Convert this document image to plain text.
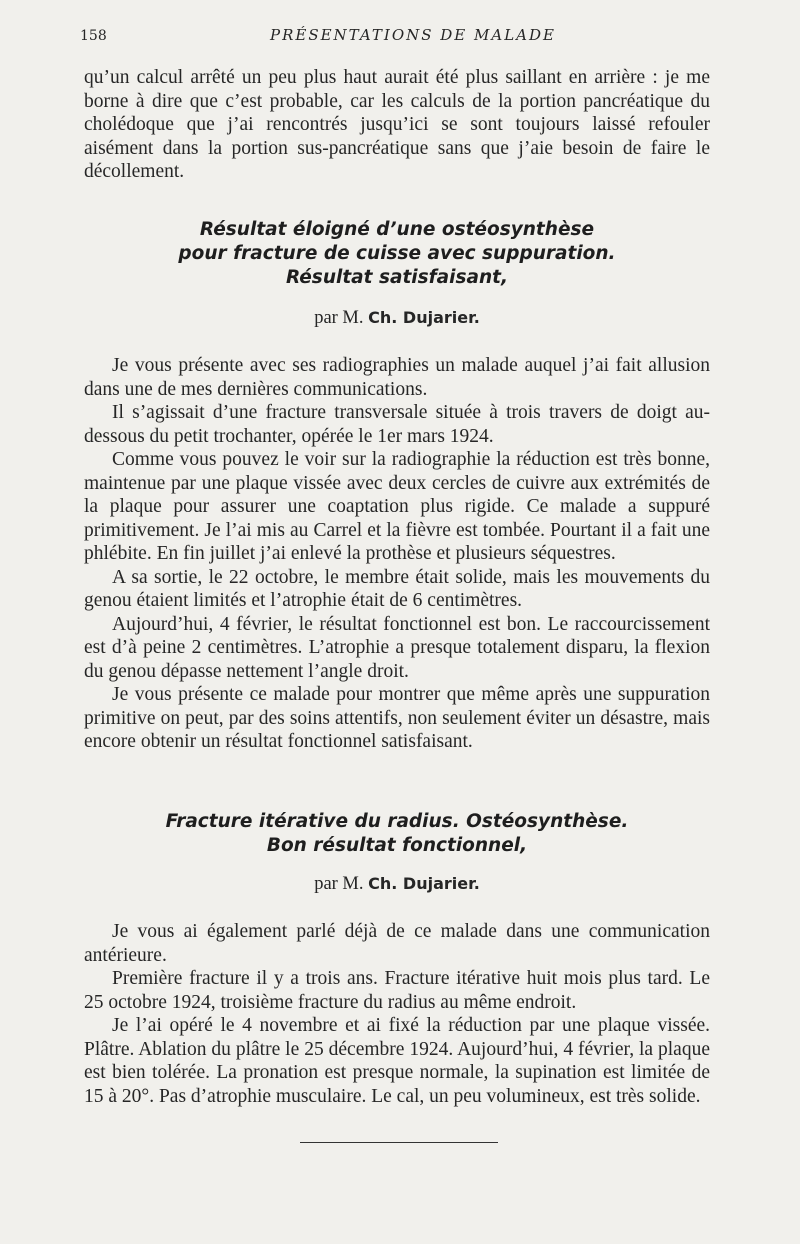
158	PRÉSENTATIONS DE MALADE

qu’un calcul arrêté un peu plus haut aurait été plus saillant en arrière : je me borne à dire que c’est probable, car les calculs de la portion pancréatique du cholédoque que j’ai rencontrés jusqu’ici se sont toujours laissé refouler aisément dans la portion sus-pancréatique sans que j’aie besoin de faire le décollement.

Résultat éloigné d’une ostéosynthèse
pour fracture de cuisse avec suppuration.
Résultat satisfaisant,
par M. Ch. Dujarier.

Je vous présente avec ses radiographies un malade auquel j’ai fait allusion dans une de mes dernières communications.

Il s’agissait d’une fracture transversale située à trois travers de doigt au-dessous du petit trochanter, opérée le 1er mars 1924.

Comme vous pouvez le voir sur la radiographie la réduction est très bonne, maintenue par une plaque vissée avec deux cercles de cuivre aux extrémités de la plaque pour assurer une coaptation plus rigide. Ce malade a suppuré primitivement. Je l’ai mis au Carrel et la fièvre est tombée. Pourtant il a fait une phlébite. En fin juillet j’ai enlevé la prothèse et plusieurs séquestres.

A sa sortie, le 22 octobre, le membre était solide, mais les mouvements du genou étaient limités et l’atrophie était de 6 centimètres.

Aujourd’hui, 4 février, le résultat fonctionnel est bon. Le raccourcissement est d’à peine 2 centimètres. L’atrophie a presque totalement disparu, la flexion du genou dépasse nettement l’angle droit.

Je vous présente ce malade pour montrer que même après une suppuration primitive on peut, par des soins attentifs, non seulement éviter un désastre, mais encore obtenir un résultat fonctionnel satisfaisant.

Fracture itérative du radius. Ostéosynthèse.
Bon résultat fonctionnel,
par M. Ch. Dujarier.

Je vous ai également parlé déjà de ce malade dans une communication antérieure.

Première fracture il y a trois ans. Fracture itérative huit mois plus tard. Le 25 octobre 1924, troisième fracture du radius au même endroit.

Je l’ai opéré le 4 novembre et ai fixé la réduction par une plaque vissée. Plâtre. Ablation du plâtre le 25 décembre 1924. Aujourd’hui, 4 février, la plaque est bien tolérée. La pronation est presque normale, la supination est limitée de 15 à 20°. Pas d’atrophie musculaire. Le cal, un peu volumineux, est très solide.
